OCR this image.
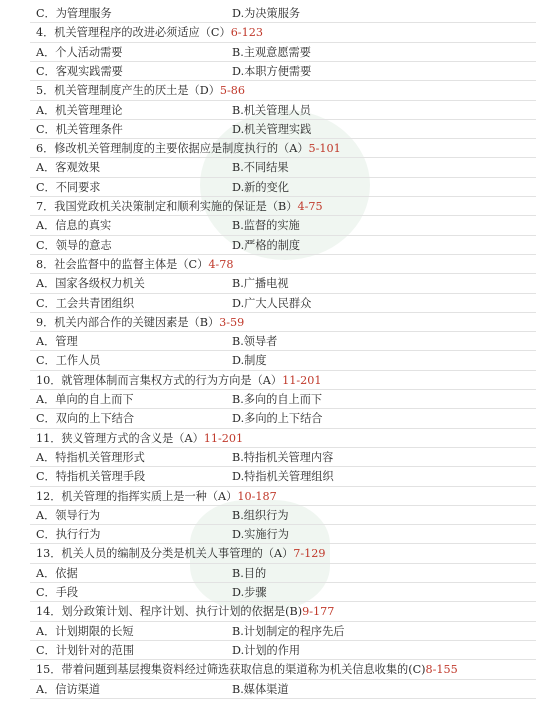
C．为管理服务	D.为决策服务
4．机关管理程序的改进必须适应（C）6-123
A．个人活动需要	B.主观意愿需要
C．客观实践需要	D.本职方便需要
5．机关管理制度产生的厌土是（D）5-86
A．机关管理理论	B.机关管理人员
C．机关管理条件	D.机关管理实践
6．修改机关管理制度的主要依据应是制度执行的（A）5-101
A．客观效果	B.不同结果
C．不同要求	D.新的变化
7．我国党政机关决策制定和顺利实施的保证是（B）4-75
A．信息的真实	B.监督的实施
C．领导的意志	D.严格的制度
8．社会监督中的监督主体是（C）4-78
A．国家各级权力机关	B.广播电视
C．工会共青团组织	D.广大人民群众
9．机关内部合作的关键因素是（B）3-59
A．管理	B.领导者
C．工作人员	D.制度
10．就管理体制而言集权方式的行为方向是（A）11-201
A．单向的自上而下	B.多向的自上而下
C．双向的上下结合	D.多向的上下结合
11．狭义管理方式的含义是（A）11-201
A．特指机关管理形式	B.特指机关管理内容
C．特指机关管理手段	D.特指机关管理组织
12．机关管理的指挥实质上是一种（A）10-187
A．领导行为	B.组织行为
C．执行行为	D.实施行为
13．机关人员的编制及分类是机关人事管理的（A）7-129
A．依据	B.目的
C．手段	D.步骤
14．划分政策计划、程序计划、执行计划的依据是(B)9-177
A．计划期限的长短	B.计划制定的程序先后
C．计划针对的范围	D.计划的作用
15．带着问题到基层搜集资料经过筛选获取信息的渠道称为机关信息收集的(C)8-155
A．信访渠道	B.媒体渠道
